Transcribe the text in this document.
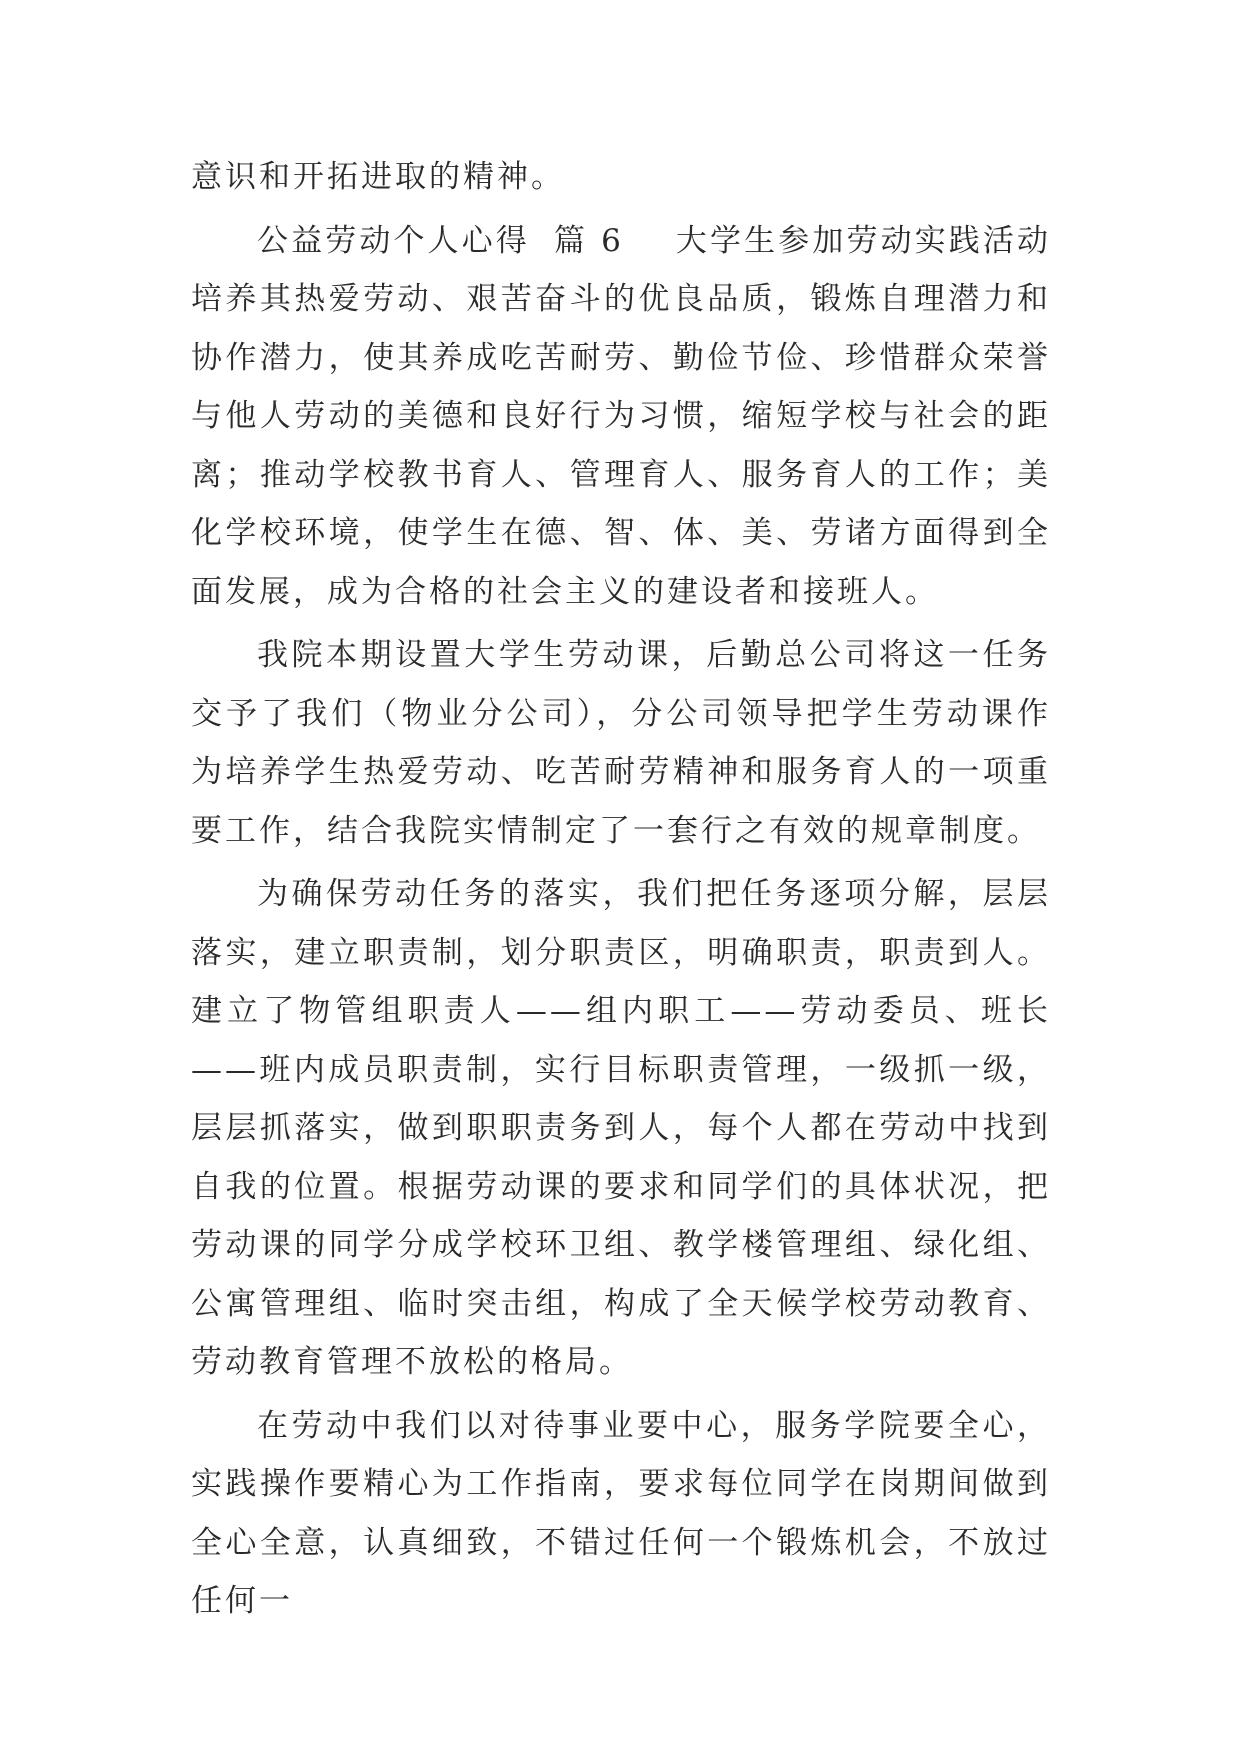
意识和开拓进取的精神。

公益劳动个人心得 篇 6 大学生参加劳动实践活动培养其热爱劳动、艰苦奋斗的优良品质，锻炼自理潜力和协作潜力，使其养成吃苦耐劳、勤俭节俭、珍惜群众荣誉与他人劳动的美德和良好行为习惯，缩短学校与社会的距离；推动学校教书育人、管理育人、服务育人的工作；美化学校环境，使学生在德、智、体、美、劳诸方面得到全面发展，成为合格的社会主义的建设者和接班人。

我院本期设置大学生劳动课，后勤总公司将这一任务交予了我们（物业分公司），分公司领导把学生劳动课作为培养学生热爱劳动、吃苦耐劳精神和服务育人的一项重要工作，结合我院实情制定了一套行之有效的规章制度。

为确保劳动任务的落实，我们把任务逐项分解，层层落实，建立职责制，划分职责区，明确职责，职责到人。建立了物管组职责人——组内职工——劳动委员、班长——班内成员职责制，实行目标职责管理，一级抓一级，层层抓落实，做到职职责务到人，每个人都在劳动中找到自我的位置。根据劳动课的要求和同学们的具体状况，把劳动课的同学分成学校环卫组、教学楼管理组、绿化组、公寓管理组、临时突击组，构成了全天候学校劳动教育、劳动教育管理不放松的格局。

在劳动中我们以对待事业要中心，服务学院要全心，实践操作要精心为工作指南，要求每位同学在岗期间做到全心全意，认真细致，不错过任何一个锻炼机会，不放过任何一
